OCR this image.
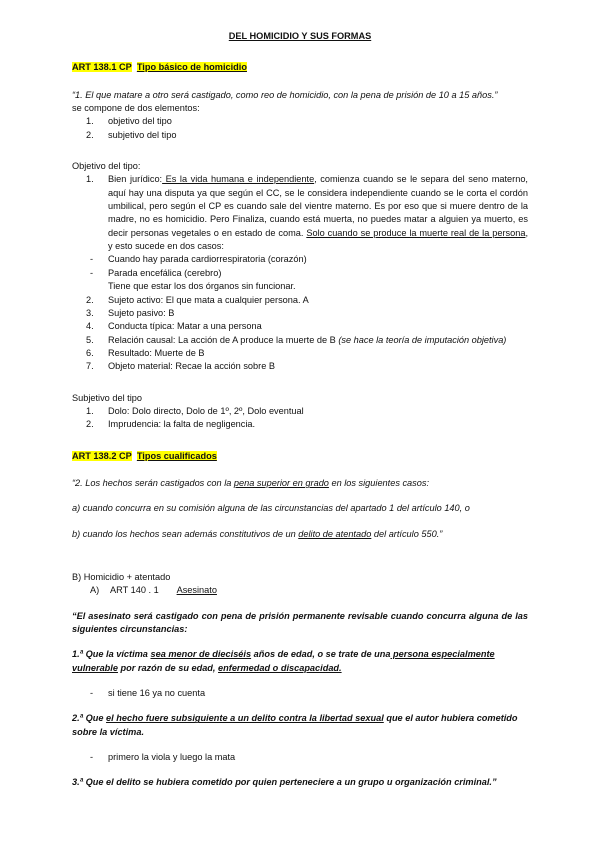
DEL HOMICIDIO Y SUS FORMAS

ART 138.1 CP Tipo básico de homicidio

“1. El que matare a otro será castigado, como reo de homicidio, con la pena de prisión de 10 a 15 años.”

se compone de dos elementos:

1.	objetivo del tipo
2.	subjetivo del tipo

Objetivo del tipo:

1.	Bien jurídico: Es la vida humana e independiente, comienza cuando se le separa del seno materno, aquí hay una disputa ya que según el CC, se le considera independiente cuando se le corta el cordón umbilical, pero según el CP es cuando sale del vientre materno. Es por eso que si muere dentro de la madre, no es homicidio. Pero Finaliza, cuando está muerta, no puedes matar a alguien ya muerto, es decir personas vegetales o en estado de coma. Solo cuando se produce la muerte real de la persona, y esto sucede en dos casos:
-	Cuando hay parada cardiorrespiratoria (corazón)
-	Parada encefálica (cerebro)

Tiene que estar los dos órganos sin funcionar.

2.	Sujeto activo: El que mata a cualquier persona. A
3.	Sujeto pasivo: B
4.	Conducta típica: Matar a una persona
5.	Relación causal: La acción de A produce la muerte de B (se hace la teoría de imputación objetiva)
6.	Resultado: Muerte de B
7.	Objeto material: Recae la acción sobre B

Subjetivo del tipo

1.	Dolo: Dolo directo, Dolo de 1º, 2º, Dolo eventual
2.	Imprudencia: la falta de negligencia.

ART 138.2 CP Tipos cualificados

“2. Los hechos serán castigados con la pena superior en grado en los siguientes casos:

a) cuando concurra en su comisión alguna de las circunstancias del apartado 1 del artículo 140, o

b) cuando los hechos sean además constitutivos de un delito de atentado del artículo 550.”

B) Homicidio + atentado

A)	ART 140 . 1
Asesinato

“El asesinato será castigado con pena de prisión permanente revisable cuando concurra alguna de las siguientes circunstancias:

1.ª Que la víctima sea menor de dieciséis años de edad, o se trate de una persona especialmente vulnerable por razón de su edad, enfermedad o discapacidad.

-	si tiene 16 ya no cuenta

2.ª Que el hecho fuere subsiguiente a un delito contra la libertad sexual que el autor hubiera cometido sobre la víctima.

-	primero la viola y luego la mata

3.ª Que el delito se hubiera cometido por quien perteneciere a un grupo u organización criminal.”
